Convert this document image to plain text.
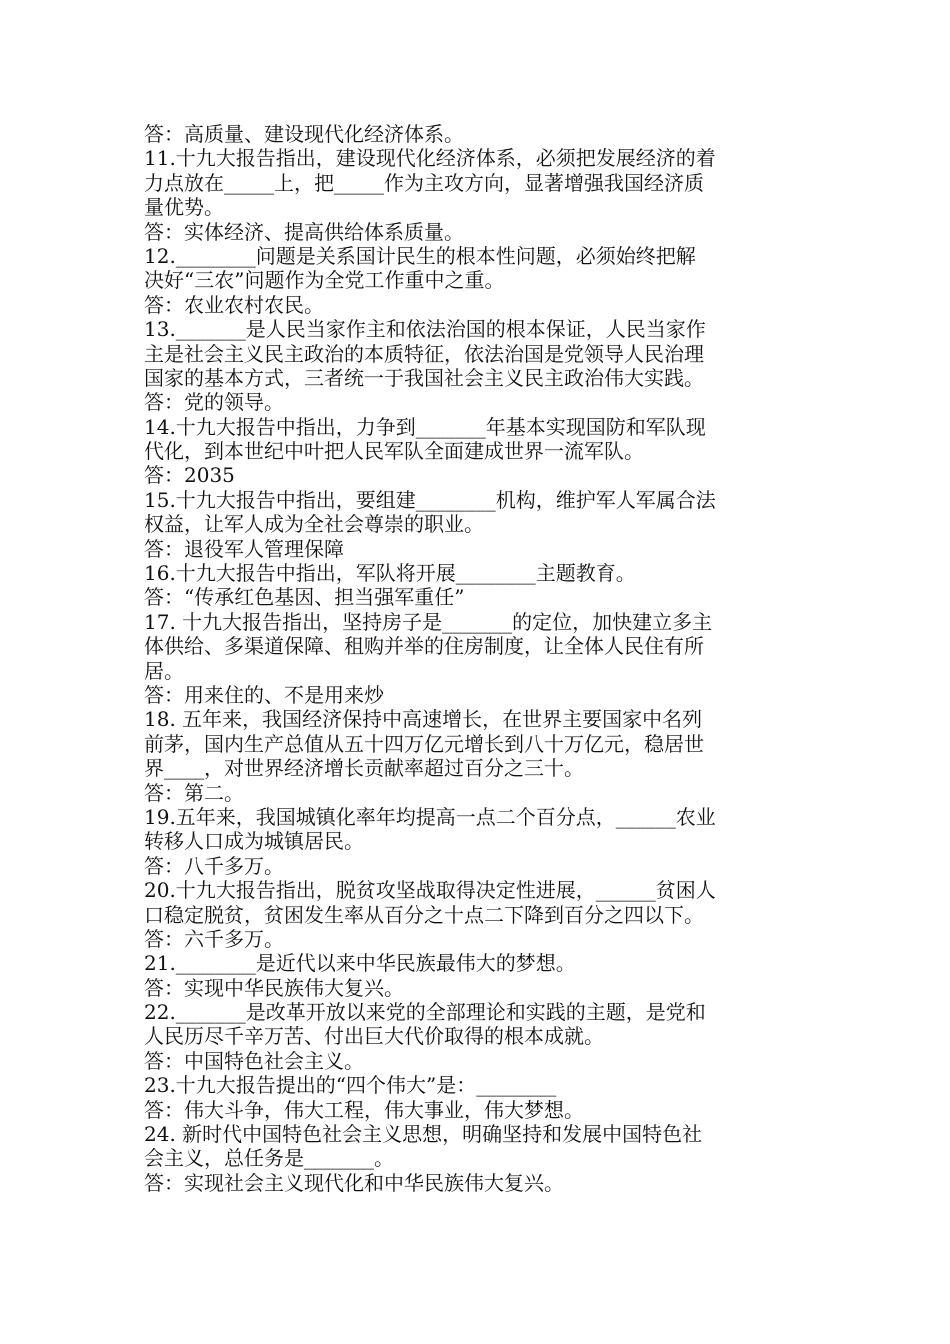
答：高质量、建设现代化经济体系。
11.十九大报告指出，建设现代化经济体系，必须把发展经济的着
力点放在_____上，把_____作为主攻方向，显著增强我国经济质
量优势。
答：实体经济、提高供给体系质量。
12.________问题是关系国计民生的根本性问题，必须始终把解
决好“三农”问题作为全党工作重中之重。
答：农业农村农民。
13._______是人民当家作主和依法治国的根本保证，人民当家作
主是社会主义民主政治的本质特征，依法治国是党领导人民治理
国家的基本方式，三者统一于我国社会主义民主政治伟大实践。
答：党的领导。
14.十九大报告中指出，力争到_______年基本实现国防和军队现
代化，到本世纪中叶把人民军队全面建成世界一流军队。
答：2035
15.十九大报告中指出，要组建________机构，维护军人军属合法
权益，让军人成为全社会尊崇的职业。
答：退役军人管理保障
16.十九大报告中指出，军队将开展________主题教育。
答：“传承红色基因、担当强军重任”
17. 十九大报告指出，坚持房子是_______的定位，加快建立多主
体供给、多渠道保障、租购并举的住房制度，让全体人民住有所
居。
答：用来住的、不是用来炒
18. 五年来，我国经济保持中高速增长，在世界主要国家中名列
前茅，国内生产总值从五十四万亿元增长到八十万亿元，稳居世
界____，对世界经济增长贡献率超过百分之三十。
答：第二。
19.五年来，我国城镇化率年均提高一点二个百分点，______农业
转移人口成为城镇居民。
答：八千多万。
20.十九大报告指出，脱贫攻坚战取得决定性进展，______贫困人
口稳定脱贫，贫困发生率从百分之十点二下降到百分之四以下。
答：六千多万。
21.________是近代以来中华民族最伟大的梦想。
答：实现中华民族伟大复兴。
22._______是改革开放以来党的全部理论和实践的主题，是党和
人民历尽千辛万苦、付出巨大代价取得的根本成就。
答：中国特色社会主义。
23.十九大报告提出的“四个伟大”是：________
答：伟大斗争，伟大工程，伟大事业，伟大梦想。
24. 新时代中国特色社会主义思想，明确坚持和发展中国特色社
会主义，总任务是_______。
答：实现社会主义现代化和中华民族伟大复兴。
